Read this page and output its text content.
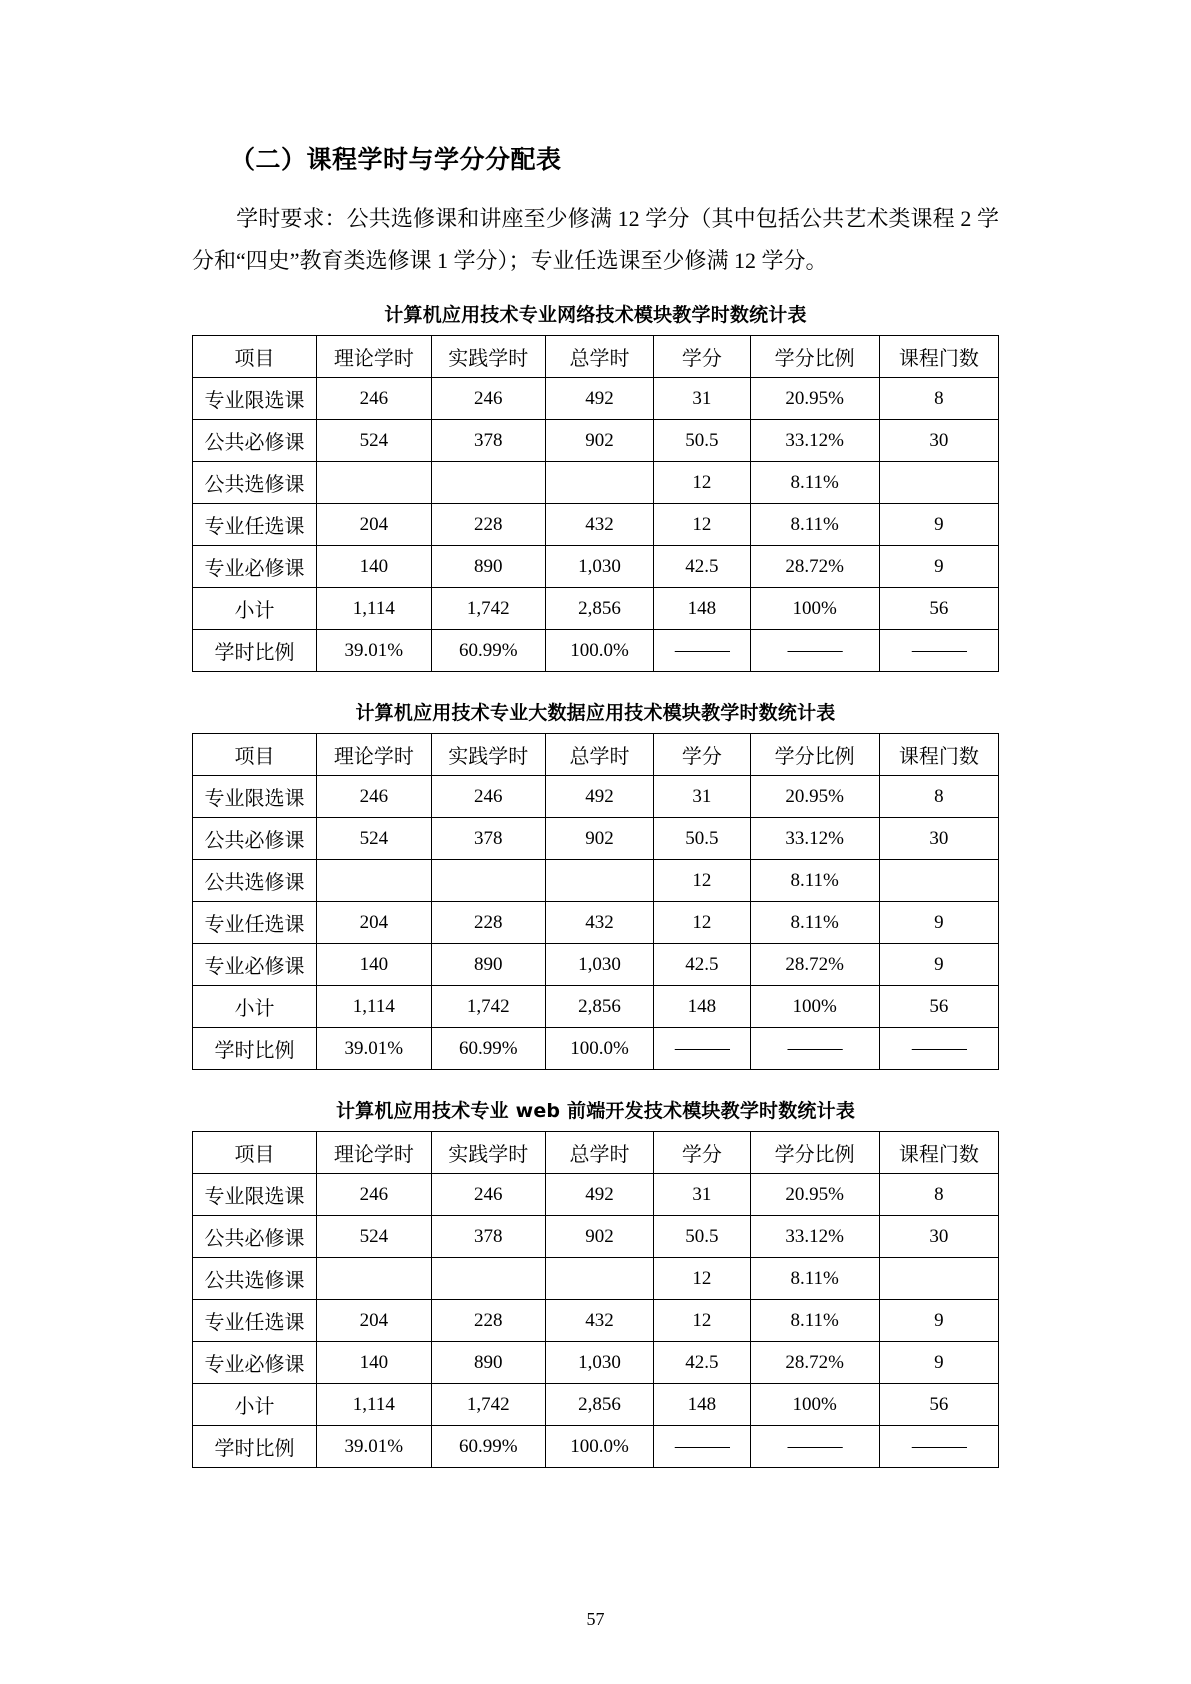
（二）课程学时与学分分配表

学时要求：公共选修课和讲座至少修满 12 学分（其中包括公共艺术类课程 2 学分和“四史”教育类选修课 1 学分）；专业任选课至少修满 12 学分。

计算机应用技术专业网络技术模块教学时数统计表
项目	理论学时	实践学时	总学时	学分	学分比例	课程门数
专业限选课	246	246	492	31	20.95%	8
公共必修课	524	378	902	50.5	33.12%	30
公共选修课				12	8.11%	
专业任选课	204	228	432	12	8.11%	9
专业必修课	140	890	1,030	42.5	28.72%	9
小计	1,114	1,742	2,856	148	100%	56
学时比例	39.01%	60.99%	100.0%	———	———	———
计算机应用技术专业大数据应用技术模块教学时数统计表
项目	理论学时	实践学时	总学时	学分	学分比例	课程门数
专业限选课	246	246	492	31	20.95%	8
公共必修课	524	378	902	50.5	33.12%	30
公共选修课				12	8.11%	
专业任选课	204	228	432	12	8.11%	9
专业必修课	140	890	1,030	42.5	28.72%	9
小计	1,114	1,742	2,856	148	100%	56
学时比例	39.01%	60.99%	100.0%	———	———	———
计算机应用技术专业 web 前端开发技术模块教学时数统计表
项目	理论学时	实践学时	总学时	学分	学分比例	课程门数
专业限选课	246	246	492	31	20.95%	8
公共必修课	524	378	902	50.5	33.12%	30
公共选修课				12	8.11%	
专业任选课	204	228	432	12	8.11%	9
专业必修课	140	890	1,030	42.5	28.72%	9
小计	1,114	1,742	2,856	148	100%	56
学时比例	39.01%	60.99%	100.0%	———	———	———
57
